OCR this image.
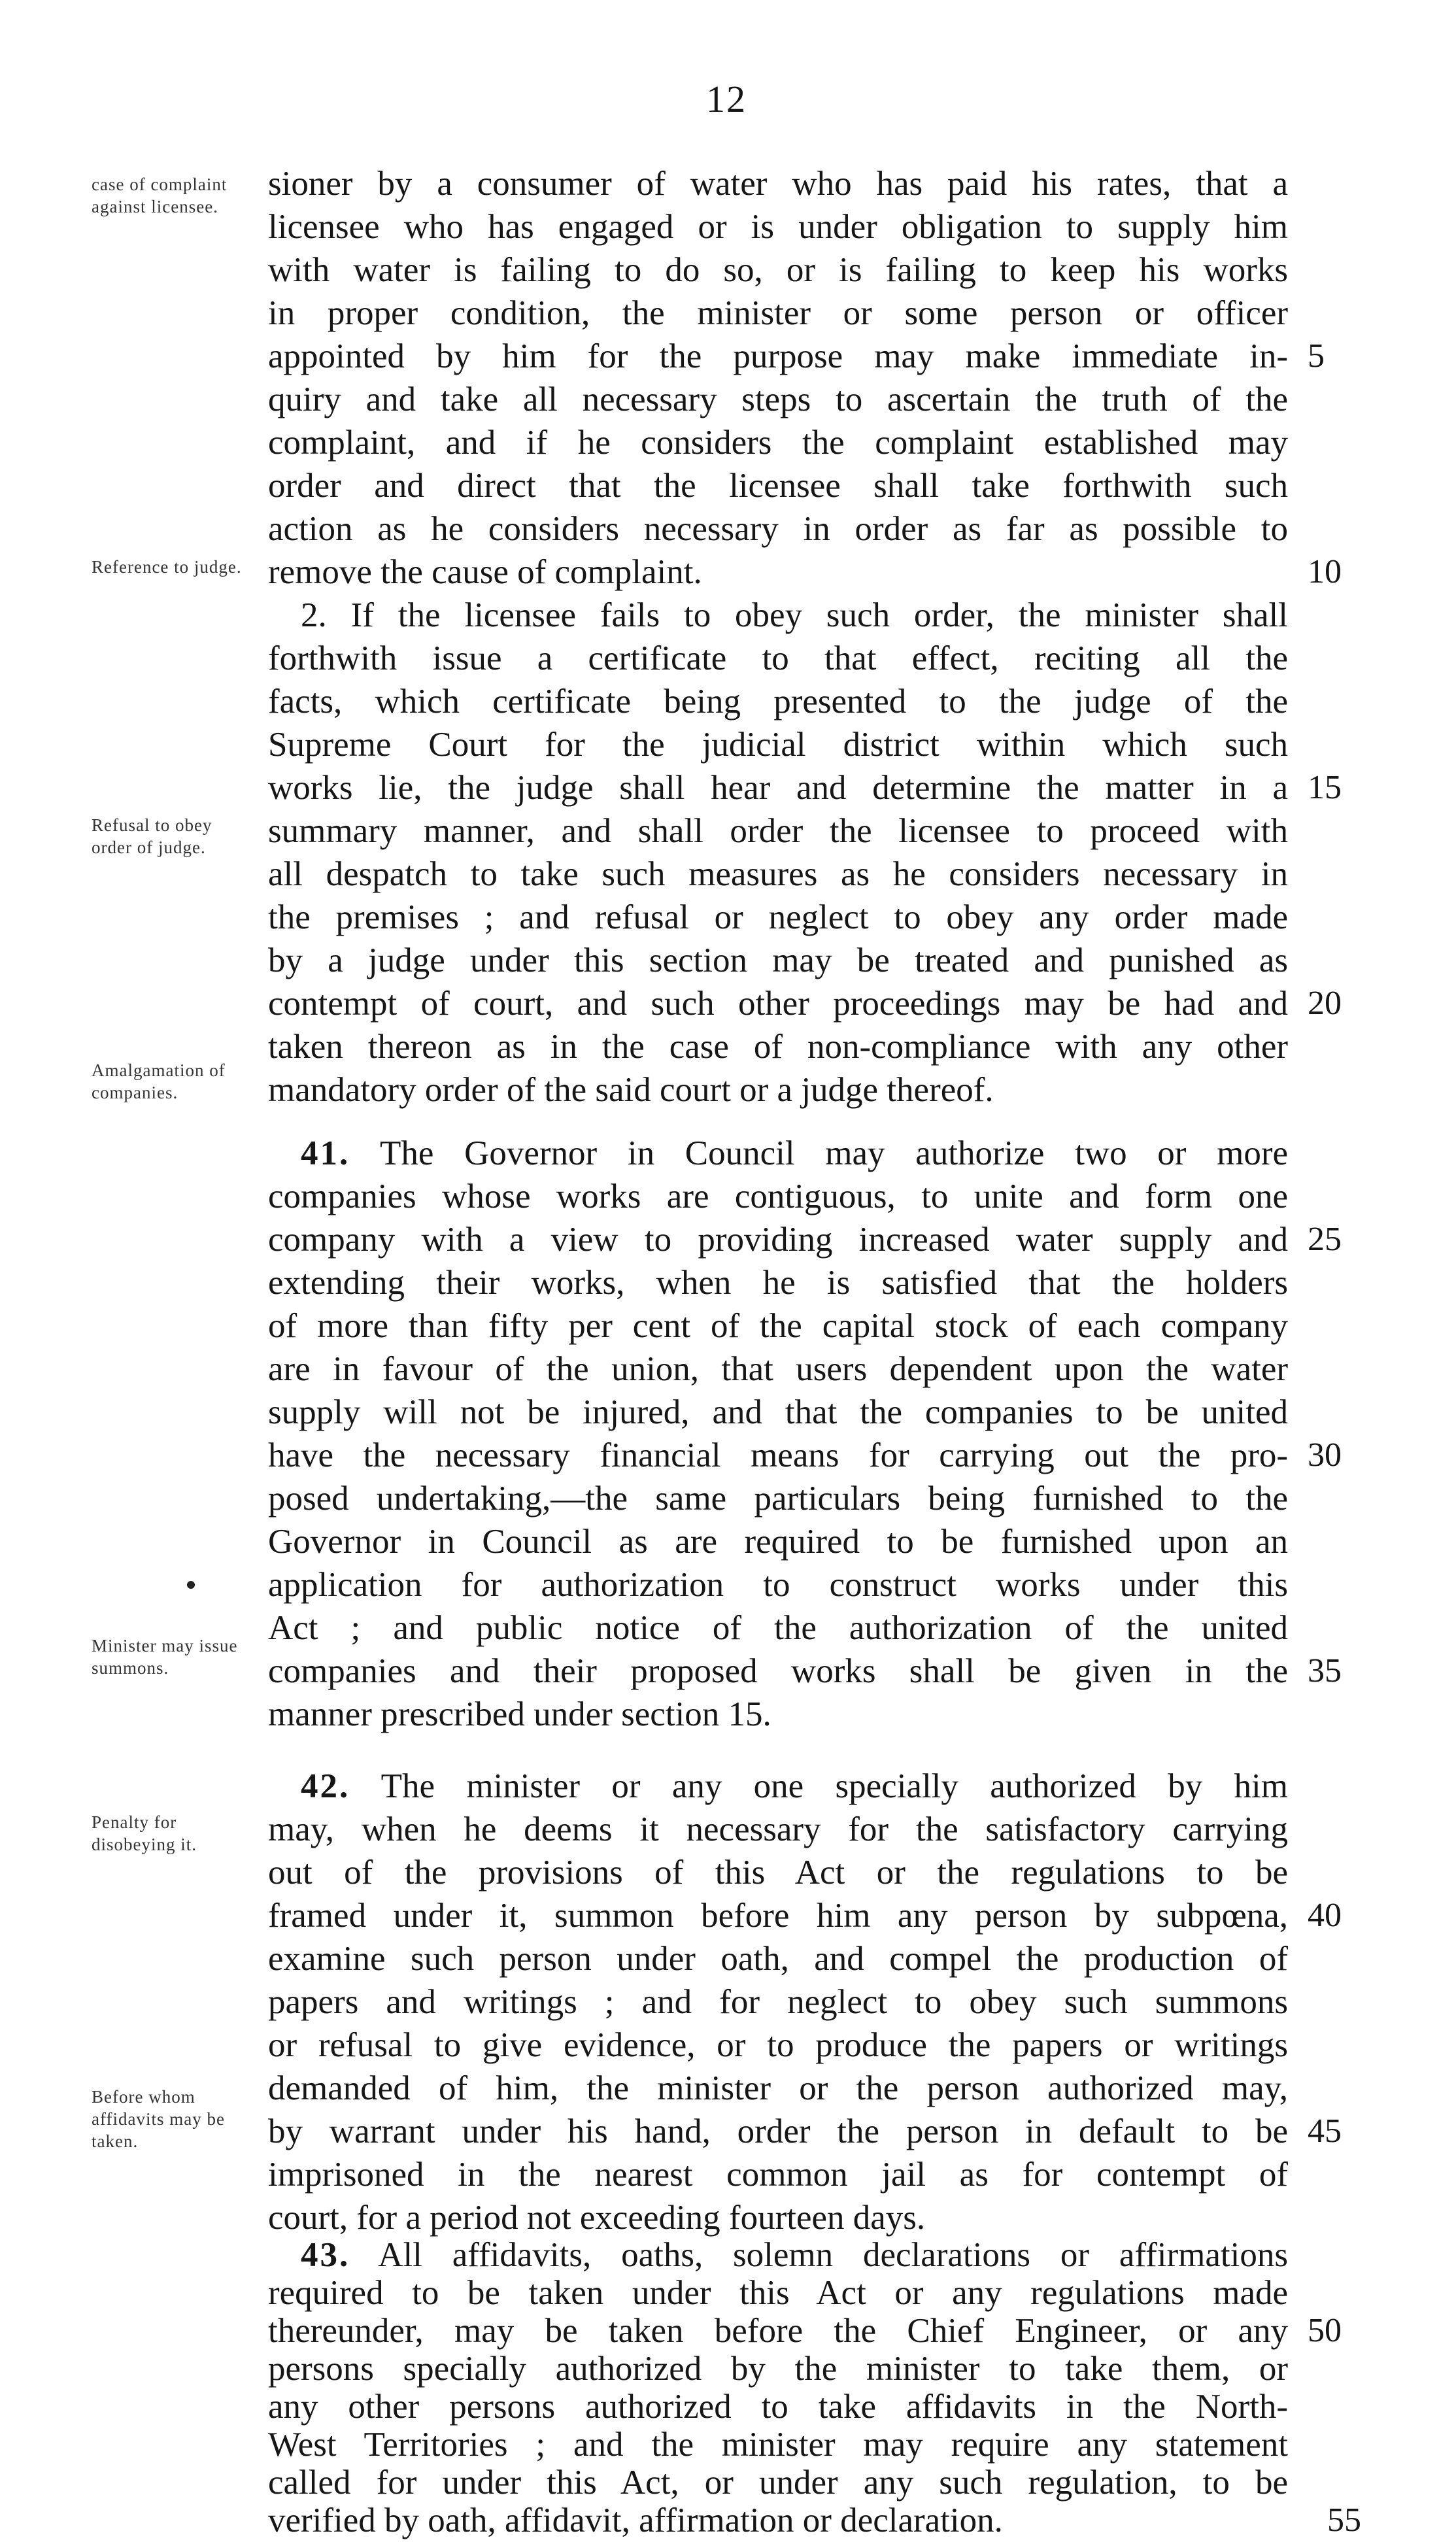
12
case of complaint against licensee.
Reference to judge.
Refusal to obey order of judge.
Amalgamation of companies.
Minister may issue summons.
Penalty for disobeying it.
Before whom affidavits may be taken.
sioner by a consumer of water who has paid his rates, that a
licensee who has engaged or is under obligation to supply him
with water is failing to do so, or is failing to keep his works
in proper condition, the minister or some person or officer
appointed by him for the purpose may make immediate in- 5
quiry and take all necessary steps to ascertain the truth of the
complaint, and if he considers the complaint established may
order and direct that the licensee shall take forthwith such
action as he considers necessary in order as far as possible to
remove the cause of complaint.	10
2. If the licensee fails to obey such order, the minister shall
forthwith issue a certificate to that effect, reciting all the
facts, which certificate being presented to the judge of the
Supreme Court for the judicial district within which such
works lie, the judge shall hear and determine the matter in a 15
summary manner, and shall order the licensee to proceed with
all despatch to take such measures as he considers necessary in
the premises ; and refusal or neglect to obey any order made
by a judge under this section may be treated and punished as
contempt of court, and such other proceedings may be had and 20
taken thereon as in the case of non-compliance with any other
mandatory order of the said court or a judge thereof.
41. The Governor in Council may authorize two or more
companies whose works are contiguous, to unite and form one
company with a view to providing increased water supply and 25
extending their works, when he is satisfied that the holders
of more than fifty per cent of the capital stock of each company
are in favour of the union, that users dependent upon the water
supply will not be injured, and that the companies to be united
have the necessary financial means for carrying out the pro- 30
posed undertaking,—the same particulars being furnished to the
Governor in Council as are required to be furnished upon an
application for authorization to construct works under this
Act ; and public notice of the authorization of the united
companies and their proposed works shall be given in the 35
manner prescribed under section 15.
42. The minister or any one specially authorized by him
may, when he deems it necessary for the satisfactory carrying
out of the provisions of this Act or the regulations to be
framed under it, summon before him any person by subpœna, 40
examine such person under oath, and compel the production of
papers and writings ; and for neglect to obey such summons
or refusal to give evidence, or to produce the papers or writings
demanded of him, the minister or the person authorized may,
by warrant under his hand, order the person in default to be 45
imprisoned in the nearest common jail as for contempt of
court, for a period not exceeding fourteen days.
43. All affidavits, oaths, solemn declarations or affirmations
required to be taken under this Act or any regulations made
thereunder, may be taken before the Chief Engineer, or any 50
persons specially authorized by the minister to take them, or
any other persons authorized to take affidavits in the North-
West Territories ; and the minister may require any statement
called for under this Act, or under any such regulation, to be
verified by oath, affidavit, affirmation or declaration.	55
